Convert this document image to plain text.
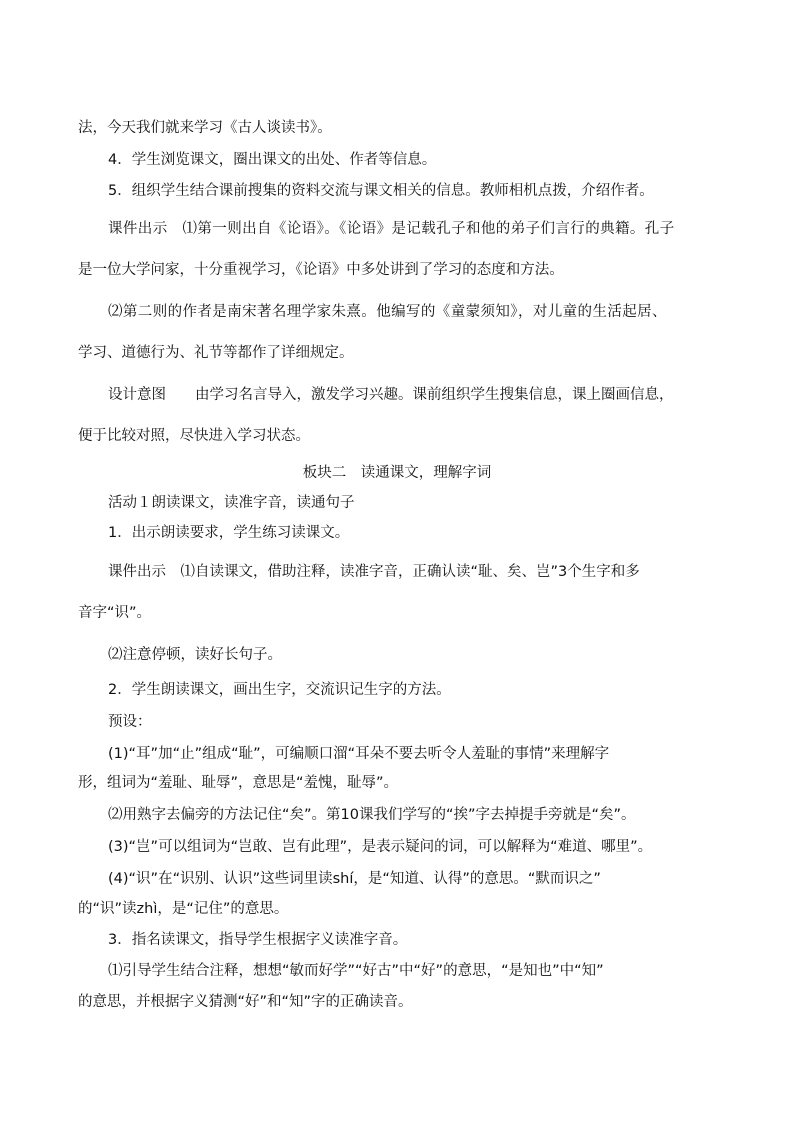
法，今天我们就来学习《古人谈读书》。
4．学生浏览课文，圈出课文的出处、作者等信息。
5．组织学生结合课前搜集的资料交流与课文相关的信息。教师相机点拨，介绍作者。
课件出示　⑴第一则出自《论语》。《论语》是记载孔子和他的弟子们言行的典籍。孔子
是一位大学问家，十分重视学习，《论语》中多处讲到了学习的态度和方法。
⑵第二则的作者是南宋著名理学家朱熹。他编写的《童蒙须知》，对儿童的生活起居、
学习、道德行为、礼节等都作了详细规定。
设计意图　　由学习名言导入，激发学习兴趣。课前组织学生搜集信息，课上圈画信息，
便于比较对照，尽快进入学习状态。
板块二　读通课文，理解字词
活动１朗读课文，读准字音，读通句子
1．出示朗读要求，学生练习读课文。
课件出示　⑴自读课文，借助注释，读准字音，正确认读“耻、矣、岂”3个生字和多
音字“识”。
⑵注意停顿，读好长句子。
2．学生朗读课文，画出生字，交流识记生字的方法。
预设：
(1)“耳”加“止”组成“耻”，可编顺口溜“耳朵不要去听令人羞耻的事情”来理解字
形，组词为“羞耻、耻辱”，意思是“羞愧，耻辱”。
⑵用熟字去偏旁的方法记住“矣”。第10课我们学写的“挨”字去掉提手旁就是“矣”。
(3)“岂”可以组词为“岂敢、岂有此理”，是表示疑问的词，可以解释为“难道、哪里”。
(4)“识”在“识别、认识”这些词里读shí，是“知道、认得”的意思。“默而识之”
的“识”读zhì，是“记住”的意思。
3．指名读课文，指导学生根据字义读准字音。
⑴引导学生结合注释，想想“敏而好学”“好古”中“好”的意思，“是知也”中“知”
的意思，并根据字义猜测“好”和“知”字的正确读音。
